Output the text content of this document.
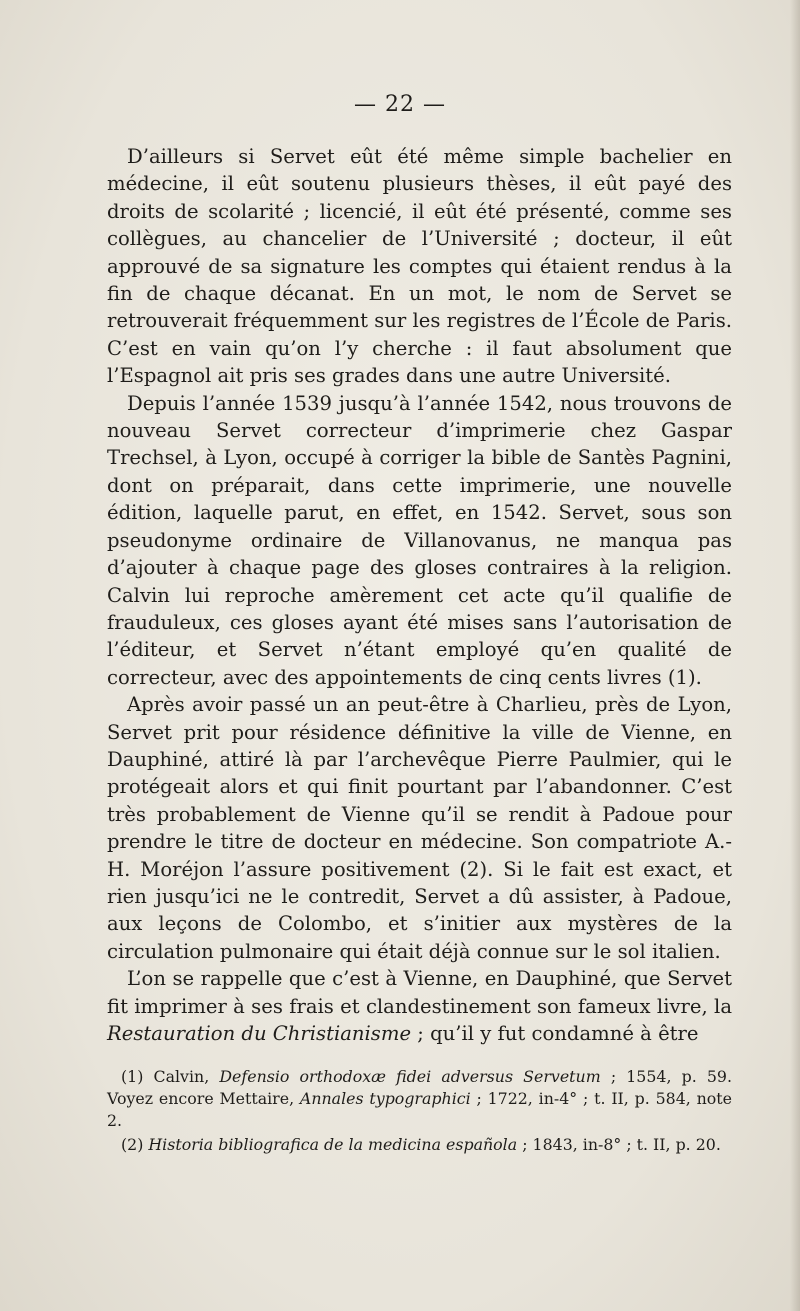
— 22 —

D’ailleurs si Servet eût été même simple bachelier en médecine, il eût soutenu plusieurs thèses, il eût payé des droits de scolarité ; licencié, il eût été présenté, comme ses collègues, au chancelier de l’Université ; docteur, il eût approuvé de sa signature les comptes qui étaient rendus à la fin de chaque décanat. En un mot, le nom de Servet se retrouverait fréquemment sur les registres de l’École de Paris. C’est en vain qu’on l’y cherche : il faut absolument que l’Espagnol ait pris ses grades dans une autre Université.

Depuis l’année 1539 jusqu’à l’année 1542, nous trouvons de nouveau Servet correcteur d’imprimerie chez Gaspar Trechsel, à Lyon, occupé à corriger la bible de Santès Pagnini, dont on préparait, dans cette imprimerie, une nouvelle édition, laquelle parut, en effet, en 1542. Servet, sous son pseudonyme ordinaire de Villanovanus, ne manqua pas d’ajouter à chaque page des gloses contraires à la religion. Calvin lui reproche amèrement cet acte qu’il qualifie de frauduleux, ces gloses ayant été mises sans l’autorisation de l’éditeur, et Servet n’étant employé qu’en qualité de correcteur, avec des appointements de cinq cents livres (1).

Après avoir passé un an peut-être à Charlieu, près de Lyon, Servet prit pour résidence définitive la ville de Vienne, en Dauphiné, attiré là par l’archevêque Pierre Paulmier, qui le protégeait alors et qui finit pourtant par l’abandonner. C’est très probablement de Vienne qu’il se rendit à Padoue pour prendre le titre de docteur en médecine. Son compatriote A.-H. Moréjon l’assure positivement (2). Si le fait est exact, et rien jusqu’ici ne le contredit, Servet a dû assister, à Padoue, aux leçons de Colombo, et s’initier aux mystères de la circulation pulmonaire qui était déjà connue sur le sol italien.

L’on se rappelle que c’est à Vienne, en Dauphiné, que Servet fit imprimer à ses frais et clandestinement son fameux livre, la Restauration du Christianisme ; qu’il y fut condamné à être

(1) Calvin, Defensio orthodoxæ fidei adversus Servetum ; 1554, p. 59. Voyez encore Mettaire, Annales typographici ; 1722, in-4° ; t. II, p. 584, note 2.

(2) Historia bibliografica de la medicina española ; 1843, in-8° ; t. II, p. 20.
